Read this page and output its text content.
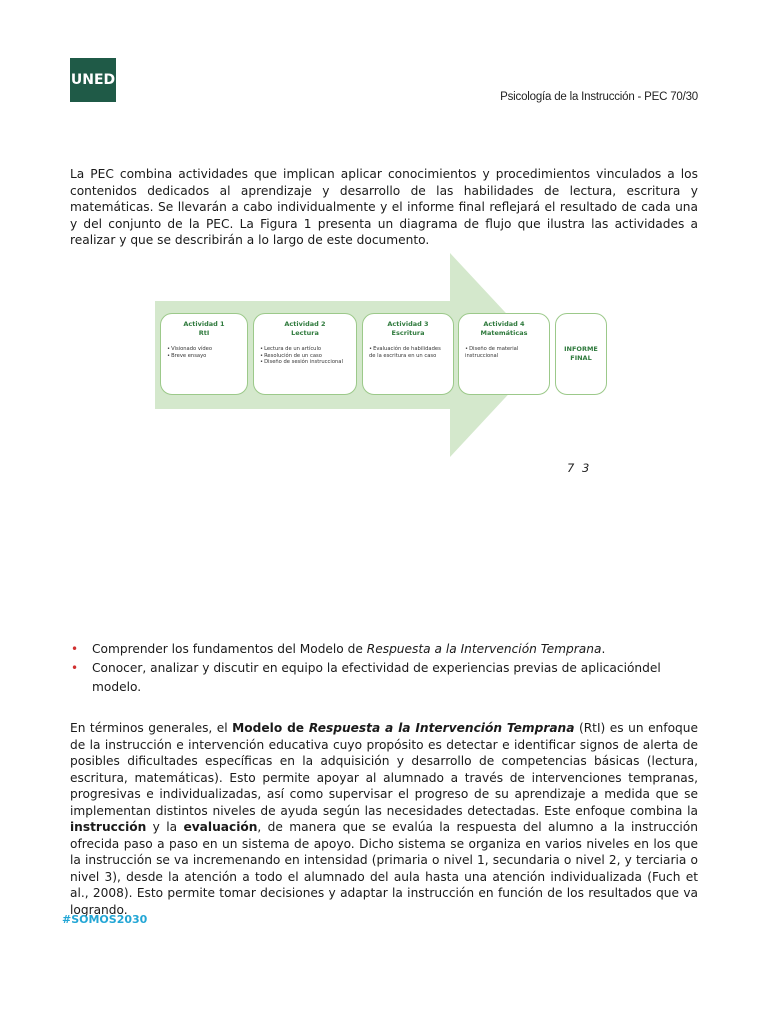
UNED
Psicología de la Instrucción - PEC 70/30

La PEC combina actividades que implican aplicar conocimientos y procedimientos vinculados a los contenidos dedicados al aprendizaje y desarrollo de las habilidades de lectura, escritura y matemáticas. Se llevarán a cabo individualmente y el informe final reflejará el resultado de cada una y del conjunto de la PEC. La Figura 1 presenta un diagrama de flujo que ilustra las actividades a realizar y que se describirán a lo largo de este documento.

Actividad 1
RtI
• Visionado vídeo
• Breve ensayo
Actividad 2
Lectura
• Lectura de un artículo
• Resolución de un caso
• Diseño de sesión instruccional
Actividad 3
Escritura
• Evaluación de habilidades de la escritura en un caso
Actividad 4
Matemáticas
• Diseño de material instruccional
INFORME
FINAL
7 3
• Comprender los fundamentos del Modelo de Respuesta a la Intervención Temprana.
• Conocer, analizar y discutir en equipo la efectividad de experiencias previas de aplicacióndel modelo.

En términos generales, el Modelo de Respuesta a la Intervención Temprana (RtI) es un enfoque de la instrucción e intervención educativa cuyo propósito es detectar e identificar signos de alerta de posibles dificultades específicas en la adquisición y desarrollo de competencias básicas (lectura, escritura, matemáticas). Esto permite apoyar al alumnado a través de intervenciones tempranas, progresivas e individualizadas, así como supervisar el progreso de su aprendizaje a medida que se implementan distintos niveles de ayuda según las necesidades detectadas. Este enfoque combina la instrucción y la evaluación, de manera que se evalúa la respuesta del alumno a la instrucción ofrecida paso a paso en un sistema de apoyo. Dicho sistema se organiza en varios niveles en los que la instrucción se va incremenando en intensidad (primaria o nivel 1, secundaria o nivel 2, y terciaria o nivel 3), desde la atención a todo el alumnado del aula hasta una atención individualizada (Fuch et al., 2008). Esto permite tomar decisiones y adaptar la instrucción en función de los resultados que va logrando.

#SOMOS2030
